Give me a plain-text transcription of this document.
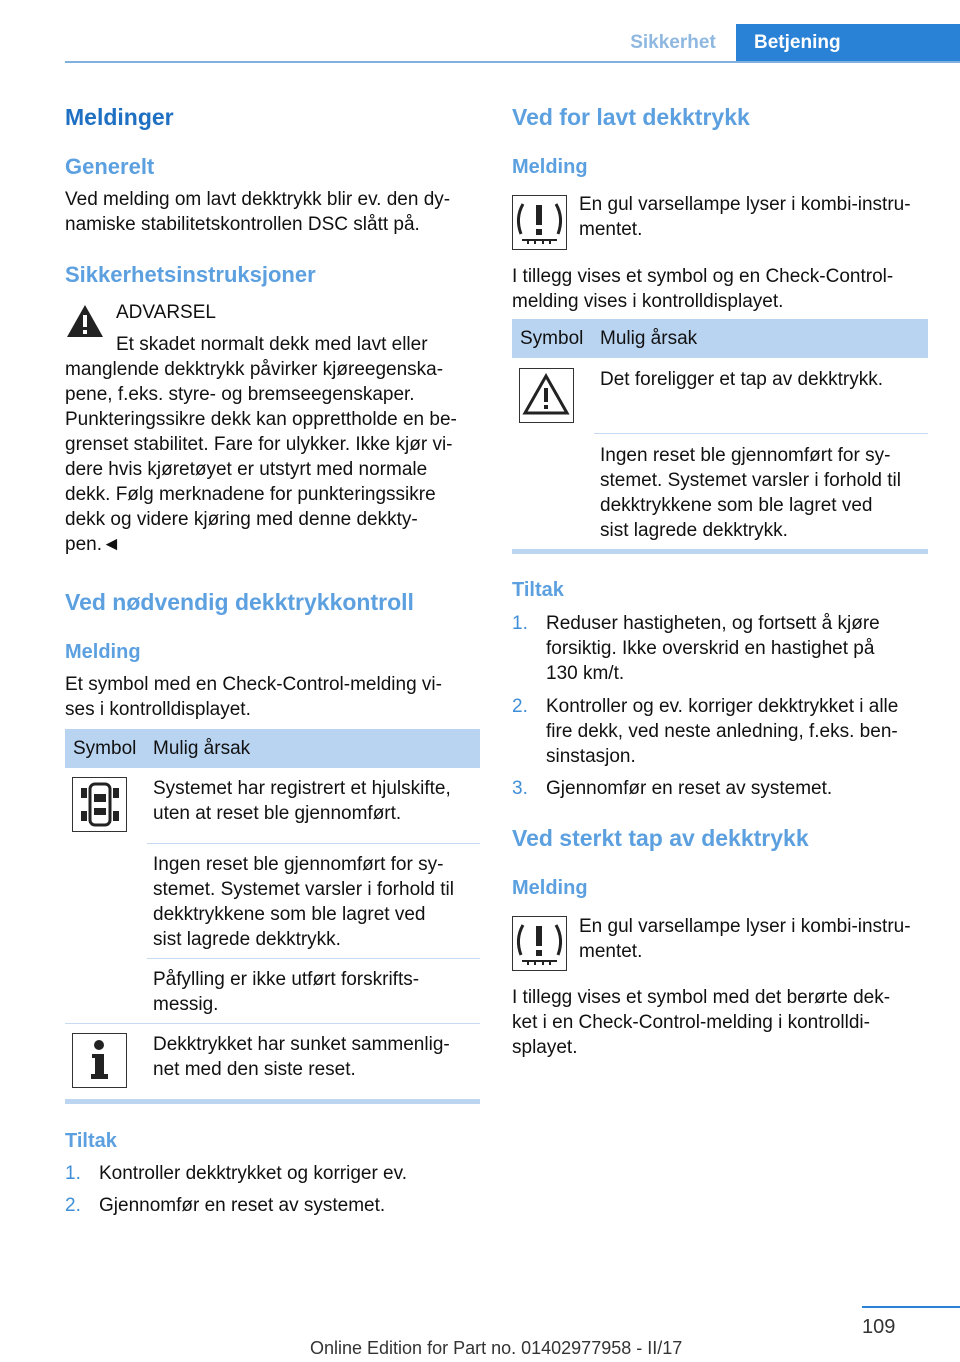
Sikkerhet	Betjening
Meldinger
Generelt
Ved melding om lavt dekktrykk blir ev. den dy-
namiske stabilitetskontrollen DSC slått på.
Sikkerhetsinstruksjoner
ADVARSEL
Et skadet normalt dekk med lavt eller
manglende dekktrykk påvirker kjøreegenska-
pene, f.eks. styre- og bremseegenskaper.
Punkteringssikre dekk kan opprettholde en be-
grenset stabilitet. Fare for ulykker. Ikke kjør vi-
dere hvis kjøretøyet er utstyrt med normale
dekk. Følg merknadene for punkteringssikre
dekk og videre kjøring med denne dekkty-
pen.◄
Ved nødvendig dekktrykkontroll
Melding
Et symbol med en Check-Control-melding vi-
ses i kontrolldisplayet.
Symbol Mulig årsak
Systemet har registrert et hjulskifte,
uten at reset ble gjennomført.
Ingen reset ble gjennomført for sy-
stemet. Systemet varsler i forhold til
dekktrykkene som ble lagret ved
sist lagrede dekktrykk.
Påfylling er ikke utført forskrifts-
messig.
Dekktrykket har sunket sammenlig-
net med den siste reset.
Tiltak
1. Kontroller dekktrykket og korriger ev.
2. Gjennomfør en reset av systemet.
Ved for lavt dekktrykk
Melding
En gul varsellampe lyser i kombi-instru-
mentet.
I tillegg vises et symbol og en Check-Control-
melding vises i kontrolldisplayet.
Symbol Mulig årsak
Det foreligger et tap av dekktrykk.
Ingen reset ble gjennomført for sy-
stemet. Systemet varsler i forhold til
dekktrykkene som ble lagret ved
sist lagrede dekktrykk.
Tiltak
1. Reduser hastigheten, og fortsett å kjøre
forsiktig. Ikke overskrid en hastighet på
130 km/t.
2. Kontroller og ev. korriger dekktrykket i alle
fire dekk, ved neste anledning, f.eks. ben-
sinstasjon.
3. Gjennomfør en reset av systemet.
Ved sterkt tap av dekktrykk
Melding
En gul varsellampe lyser i kombi-instru-
mentet.
I tillegg vises et symbol med det berørte dek-
ket i en Check-Control-melding i kontrolldi-
splayet.
109
Online Edition for Part no. 01402977958 - II/17
